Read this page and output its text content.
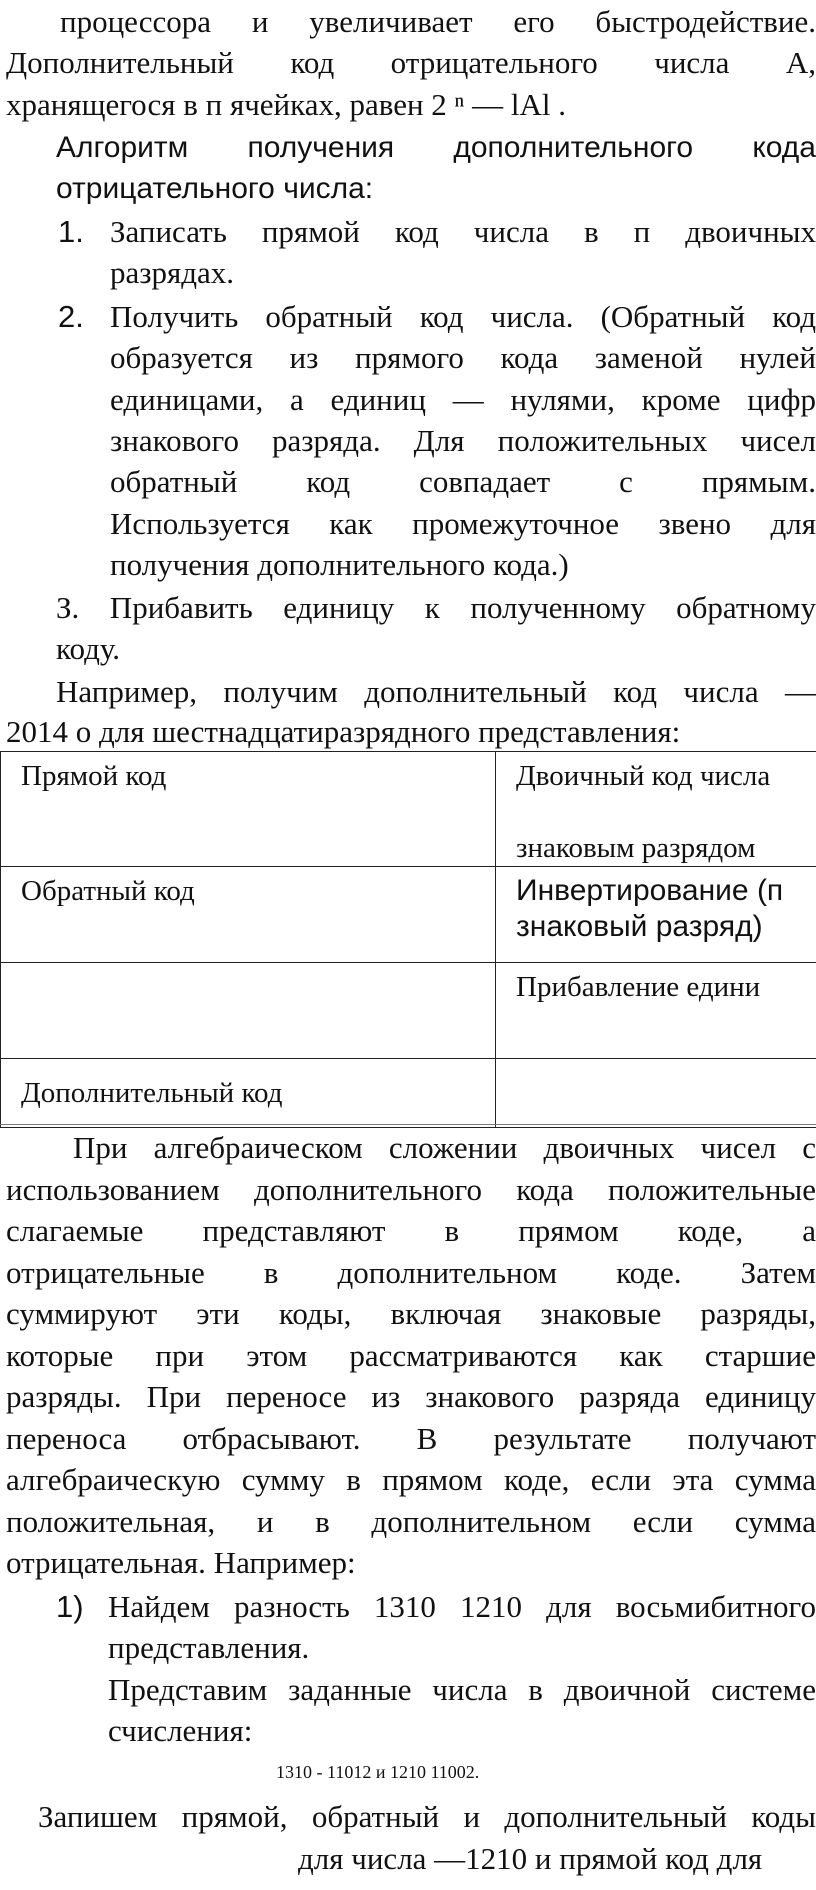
процессора и увеличивает его быстродействие.
Дополнительный код отрицательного числа А,
хранящегося в п ячейках, равен 2 ⁿ — lAl .
Алгоритм получения дополнительного кода
отрицательного числа:
1. Записать прямой код числа в п двоичных
разрядах.
2. Получить обратный код числа. (Обратный код
образуется из прямого кода заменой нулей
единицами, а единиц — нулями, кроме цифр
знакового разряда. Для положительных чисел
обратный код совпадает с прямым.
Используется как промежуточное звено для
получения дополнительного кода.)
З. Прибавить единицу к полученному обратному
коду.
Например, получим дополнительный код числа —
2014 о для шестнадцатиразрядного представления:
Прямой код	Двоичный код числа
знаковым разрядом
Обратный код	Инвертирование (п
знаковый разряд)
	Прибавление едини
Дополнительный код	
При алгебраическом сложении двоичных чисел с
использованием дополнительного кода положительные
слагаемые представляют в прямом коде, а
отрицательные в дополнительном коде. Затем
суммируют эти коды, включая знаковые разряды,
которые при этом рассматриваются как старшие
разряды. При переносе из знакового разряда единицу
переноса отбрасывают. В результате получают
алгебраическую сумму в прямом коде, если эта сумма
положительная, и в дополнительном если сумма
отрицательная. Например:
1) Найдем разность 1310 1210 для восьмибитного
представления.
Представим заданные числа в двоичной системе
счисления:
1310 - 11012 и 1210 11002.
Запишем прямой, обратный и дополнительный коды
для числа —1210 и прямой код для
